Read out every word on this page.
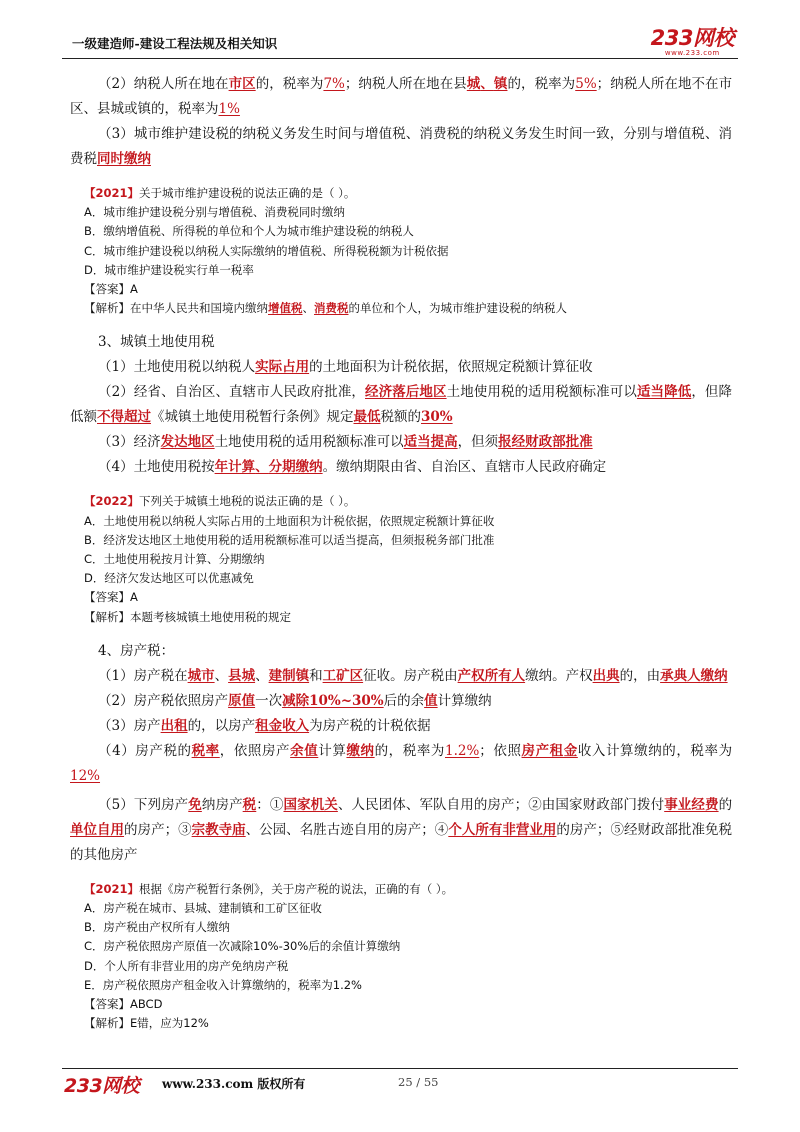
一级建造师-建设工程法规及相关知识	233网校
www.233.com

（2）纳税人所在地在市区的，税率为7%；纳税人所在地在县城、镇的，税率为5%；纳税人所在地不在市区、县城或镇的，税率为1%

（3）城市维护建设税的纳税义务发生时间与增值税、消费税的纳税义务发生时间一致，分别与增值税、消费税同时缴纳

【2021】关于城市维护建设税的说法正确的是（ ）。

A．城市维护建设税分别与增值税、消费税同时缴纳

B．缴纳增值税、所得税的单位和个人为城市维护建设税的纳税人

C．城市维护建设税以纳税人实际缴纳的增值税、所得税税额为计税依据

D．城市维护建设税实行单一税率

【答案】A

【解析】在中华人民共和国境内缴纳增值税、消费税的单位和个人，为城市维护建设税的纳税人

3、城镇土地使用税

（1）土地使用税以纳税人实际占用的土地面积为计税依据，依照规定税额计算征收

（2）经省、自治区、直辖市人民政府批准，经济落后地区土地使用税的适用税额标准可以适当降低，但降低额不得超过《城镇土地使用税暂行条例》规定最低税额的30%

（3）经济发达地区土地使用税的适用税额标准可以适当提高，但须报经财政部批准

（4）土地使用税按年计算、分期缴纳。缴纳期限由省、自治区、直辖市人民政府确定

【2022】下列关于城镇土地税的说法正确的是（ ）。

A．土地使用税以纳税人实际占用的土地面积为计税依据，依照规定税额计算征收

B．经济发达地区土地使用税的适用税额标准可以适当提高，但须报税务部门批准

C．土地使用税按月计算、分期缴纳

D．经济欠发达地区可以优惠减免

【答案】A

【解析】本题考核城镇土地使用税的规定

4、房产税：

（1）房产税在城市、县城、建制镇和工矿区征收。房产税由产权所有人缴纳。产权出典的，由承典人缴纳

（2）房产税依照房产原值一次减除10%~30%后的余值计算缴纳

（3）房产出租的，以房产租金收入为房产税的计税依据

（4）房产税的税率，依照房产余值计算缴纳的，税率为1.2%；依照房产租金收入计算缴纳的，税率为12%

（5）下列房产免纳房产税：①国家机关、人民团体、军队自用的房产；②由国家财政部门拨付事业经费的单位自用的房产；③宗教寺庙、公园、名胜古迹自用的房产；④个人所有非营业用的房产；⑤经财政部批准免税的其他房产

【2021】根据《房产税暂行条例》，关于房产税的说法，正确的有（ ）。

A．房产税在城市、县城、建制镇和工矿区征收

B．房产税由产权所有人缴纳

C．房产税依照房产原值一次减除10%-30%后的余值计算缴纳

D．个人所有非营业用的房产免纳房产税

E．房产税依照房产租金收入计算缴纳的，税率为1.2%

【答案】ABCD

【解析】E错，应为12%

233网校 www.233.com 版权所有	25 / 55
